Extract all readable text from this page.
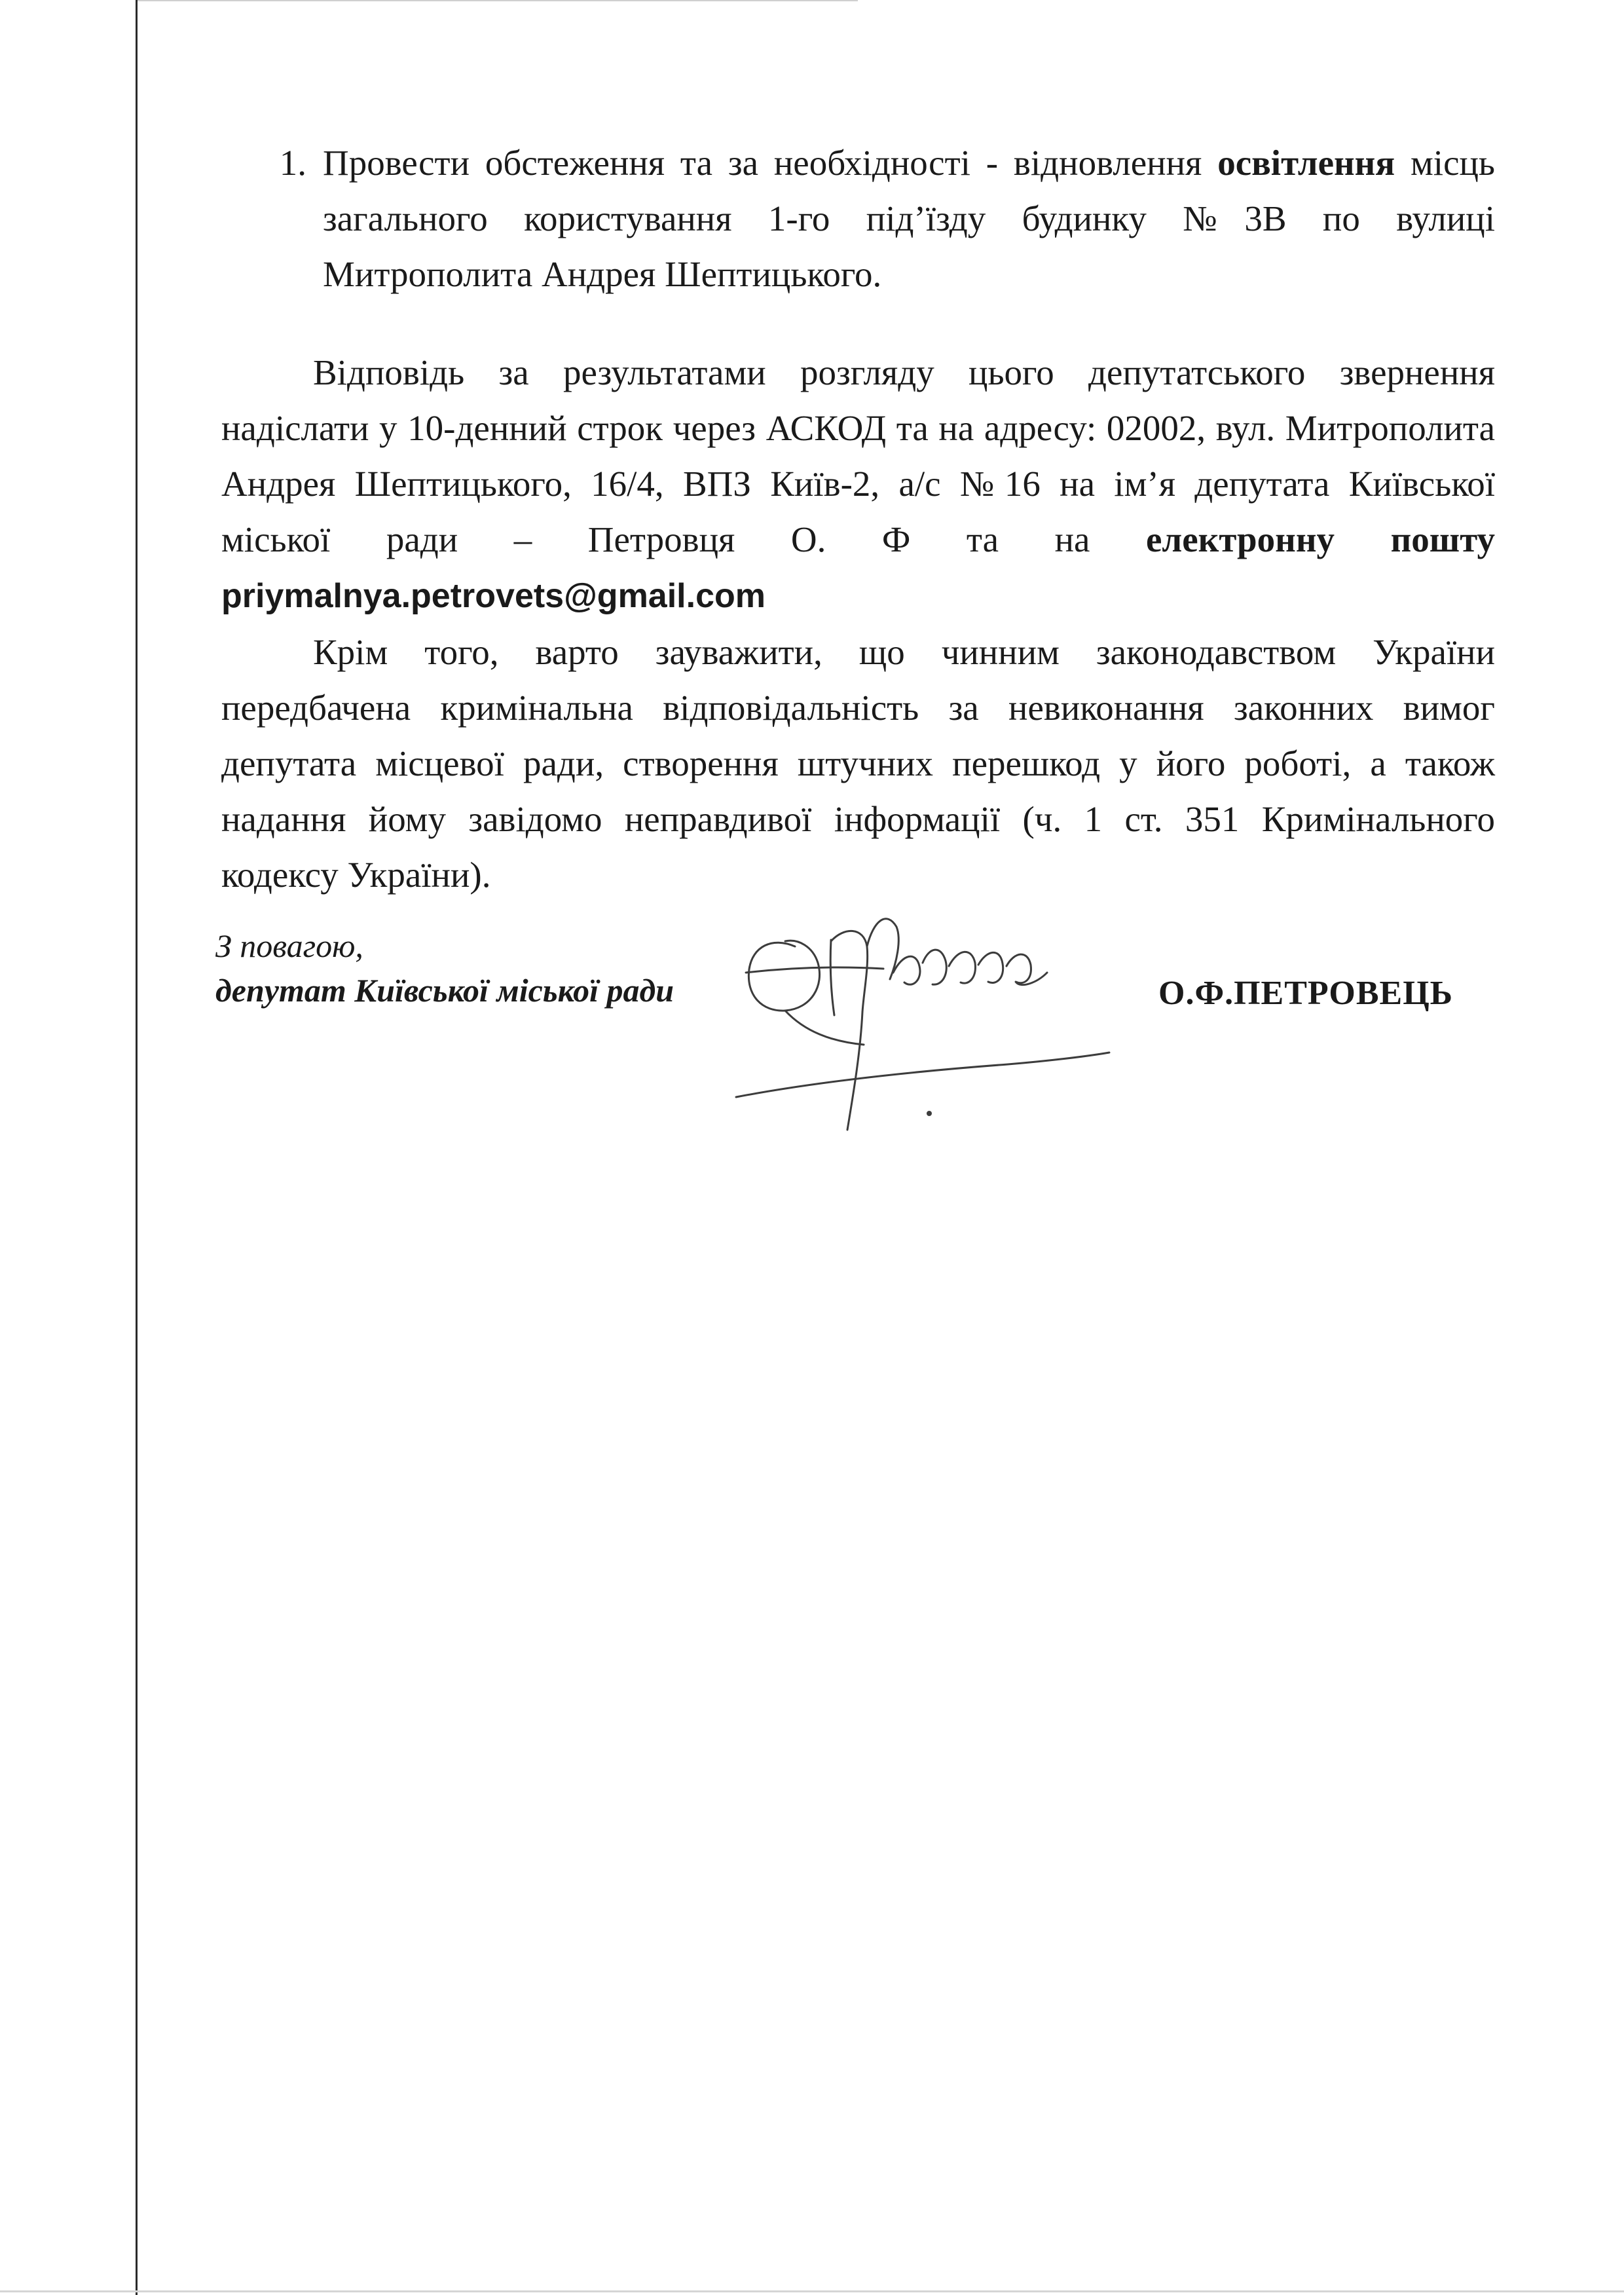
1. Провести обстеження та за необхідності - відновлення освітлення місць загального користування 1-го під’їзду будинку №3В по вулиці Митрополита Андрея Шептицького.
Відповідь за результатами розгляду цього депутатського звернення надіслати у 10-денний строк через АСКОД та на адресу: 02002, вул. Митрополита Андрея Шептицького, 16/4, ВПЗ Київ-2, а/с №16 на ім’я депутата Київської міської ради – Петровця О. Ф та на електронну пошту priymalnya.petrovets@gmail.com
Крім того, варто зауважити, що чинним законодавством України передбачена кримінальна відповідальність за невиконання законних вимог депутата місцевої ради, створення штучних перешкод у його роботі, а також надання йому завідомо неправдивої інформації (ч. 1 ст. 351 Кримінального кодексу України).
З повагою,
депутат Київської міської ради	О.Ф.ПЕТРОВЕЦЬ
